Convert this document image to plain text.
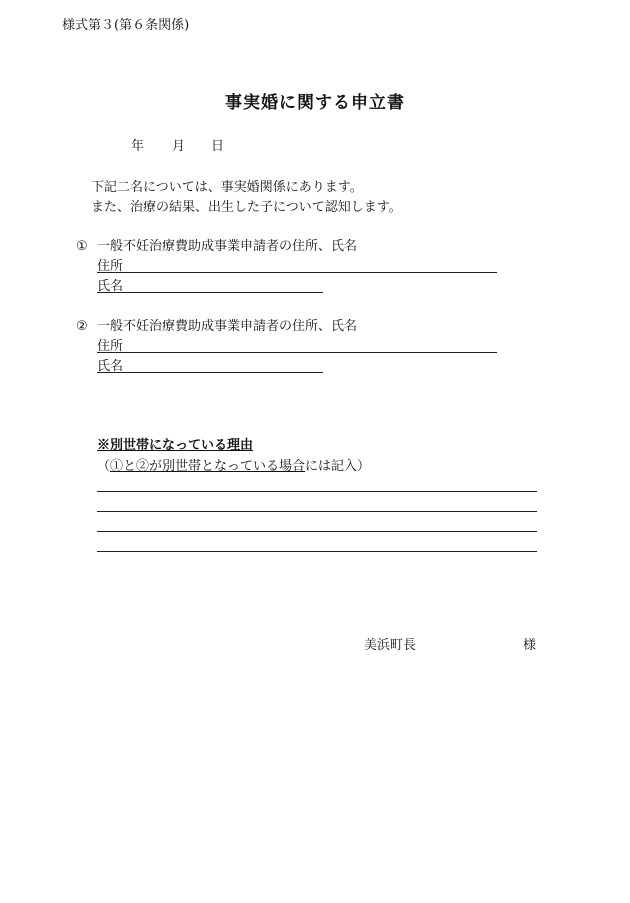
様式第３(第６条関係)
事実婚に関する申立書
年 月 日
下記二名については、事実婚関係にあります。
また、治療の結果、出生した子について認知します。
① 一般不妊治療費助成事業申請者の住所、氏名
住所
氏名
② 一般不妊治療費助成事業申請者の住所、氏名
住所
氏名
※別世帯になっている理由
（①と②が別世帯となっている場合には記入）
美浜町長	様
